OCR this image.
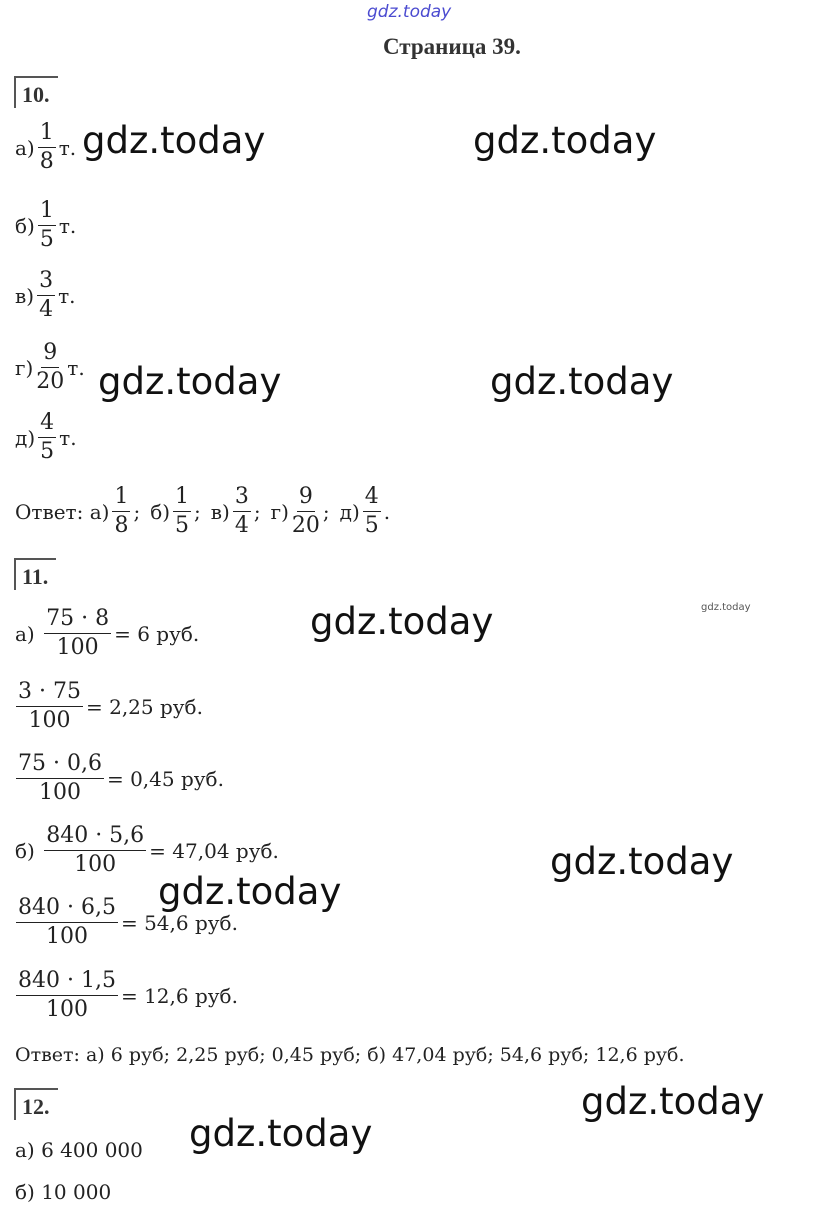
gdz.today
Страница 39.
10.
$а) \frac{1}{8} т$.
$б) \frac{1}{5} т$.
$в) \frac{3}{4} т$.
$г) \frac{9}{20} т$.
$д) \frac{4}{5} т$.
Ответ:
$а) \frac{1}{8}$ ; $б) \frac{1}{5}$ ; $в) \frac{3}{4}$ ; $г) \frac{9}{20}$ ; $д) \frac{4}{5}$ .
11.
а)
$\frac{75 \cdot 8}{100} = 6$ руб.
$\frac{3 \cdot 75}{100} = 2,25$ руб.
$\frac{75 \cdot 0,6}{100} = 0,45$ руб.
б)
$\frac{840 \cdot 5,6}{100} = 47,04$ руб.
$\frac{840 \cdot 6,5}{100} = 54,6$ руб.
$\frac{840 \cdot 1,5}{100} = 12,6$ руб.
Ответ: а) 6 руб; 2,25 руб; 0,45 руб; б) 47,04 руб; 54,6 руб; 12,6 руб.
12.
а) 6 400 000
б) 10 000
gdz.today	gdz.today
gdz.today	gdz.today
gdz.today	gdz.today
gdz.today
gdz.today
gdz.today
gdz.today
